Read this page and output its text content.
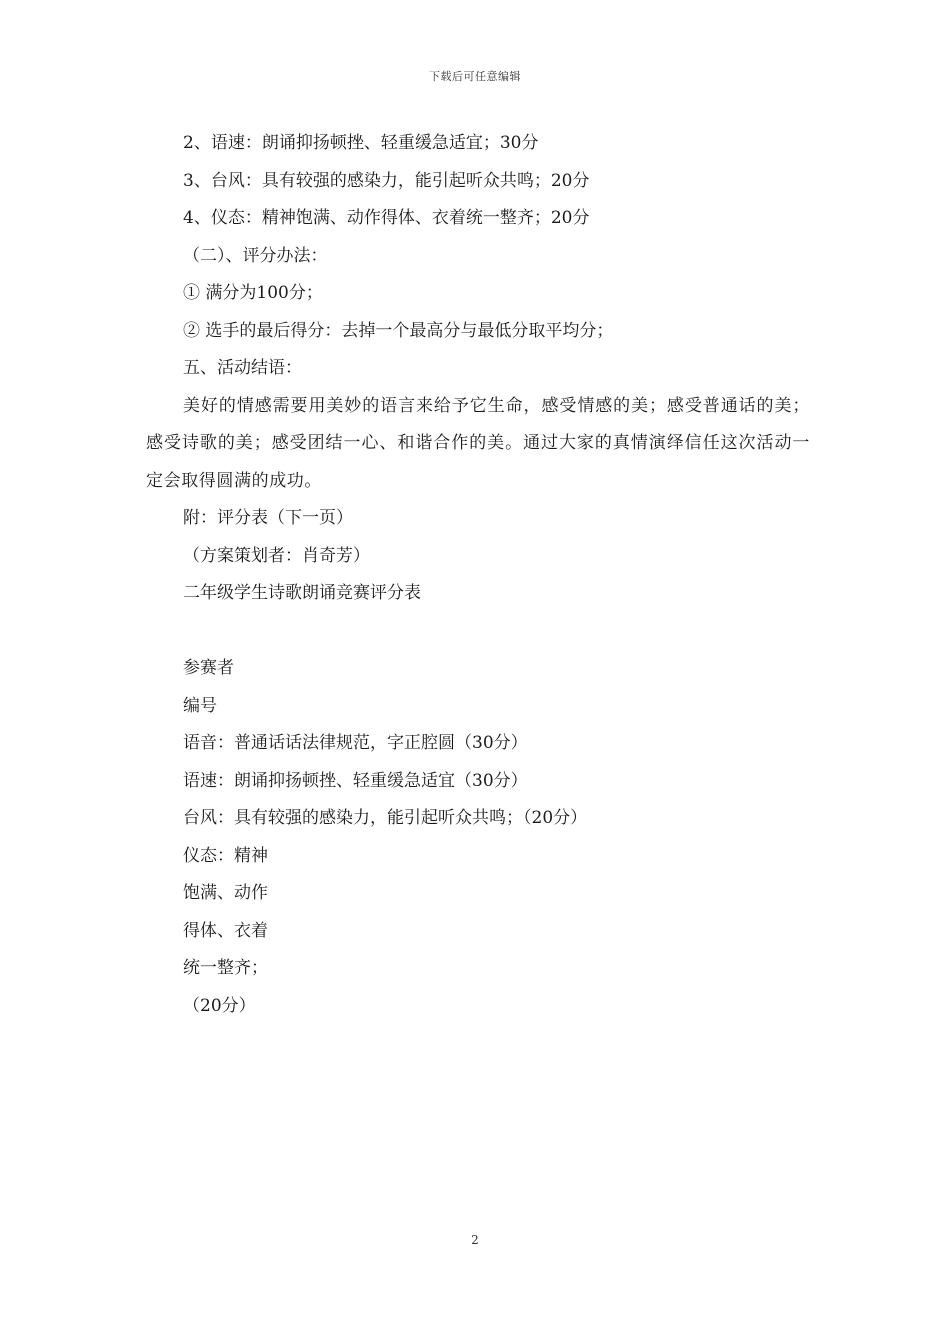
下载后可任意编辑
2、语速：朗诵抑扬顿挫、轻重缓急适宜；30分
3、台风：具有较强的感染力，能引起听众共鸣；20分
4、仪态：精神饱满、动作得体、衣着统一整齐；20分
（二）、评分办法：
① 满分为100分；
② 选手的最后得分：去掉一个最高分与最低分取平均分；
五、活动结语：
美好的情感需要用美妙的语言来给予它生命，感受情感的美；感受普通话的美；感受诗歌的美；感受团结一心、和谐合作的美。通过大家的真情演绎信任这次活动一定会取得圆满的成功。
附：评分表（下一页）
（方案策划者：肖奇芳）
二年级学生诗歌朗诵竞赛评分表
参赛者
编号
语音：普通话话法律规范，字正腔圆（30分）
语速：朗诵抑扬顿挫、轻重缓急适宜（30分）
台风：具有较强的感染力，能引起听众共鸣；（20分）
仪态：精神
饱满、动作
得体、衣着
统一整齐；
（20分）
2
